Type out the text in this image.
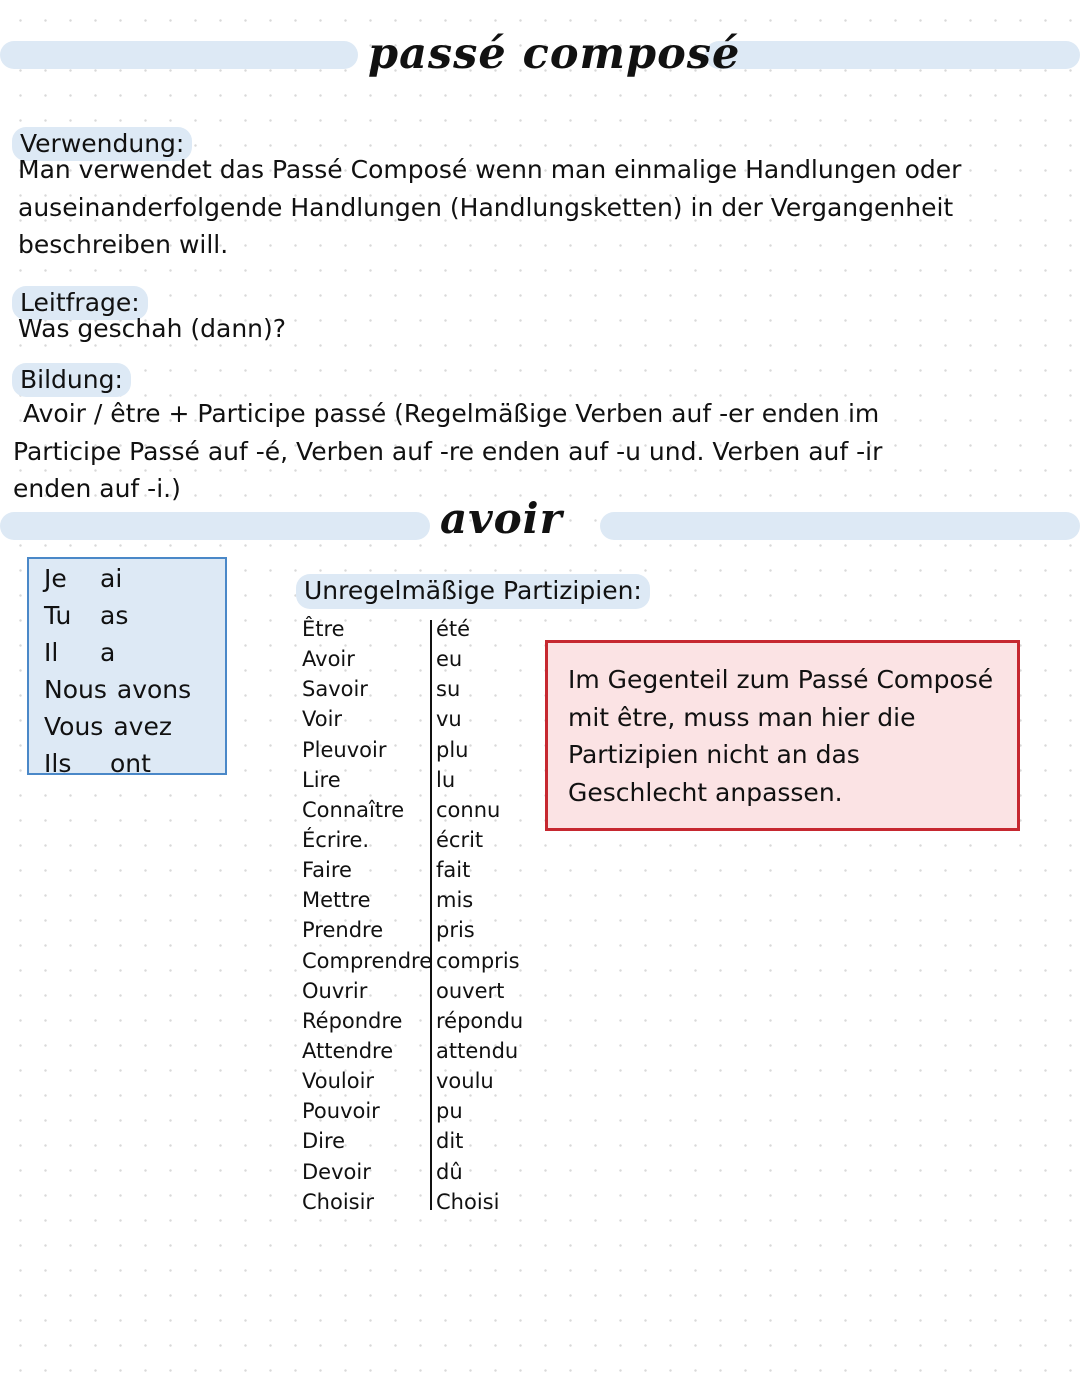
passé composé
Verwendung:
Man verwendet das Passé Composé wenn man einmalige Handlungen oder
auseinanderfolgende Handlungen (Handlungsketten) in der Vergangenheit
beschreiben will.
Leitfrage:
Was geschah (dann)?
Bildung:
Avoir / être + Participe passé (Regelmäßige Verben auf -er enden im
Participe Passé auf -é, Verben auf -re enden auf -u und. Verben auf -ir
enden auf -i.)
avoir
Je ai
Tu as
Il a
Nous avons
Vous avez
Ils ont
Unregelmäßige Partizipien:
Être	été
Avoir	eu
Savoir	su
Voir	vu
Pleuvoir plu
Lire	lu
Connaître connu
Écrire.	écrit
Faire	fait
Mettre	mis
Prendre	pris
Comprendre compris
Ouvrir	ouvert
Répondre répondu
Attendre attendu
Vouloir	voulu
Pouvoir	pu
Dire	dit
Devoir	dû
Choisir	Choisi
Im Gegenteil zum Passé Composé
mit être, muss man hier die
Partizipien nicht an das
Geschlecht anpassen.
